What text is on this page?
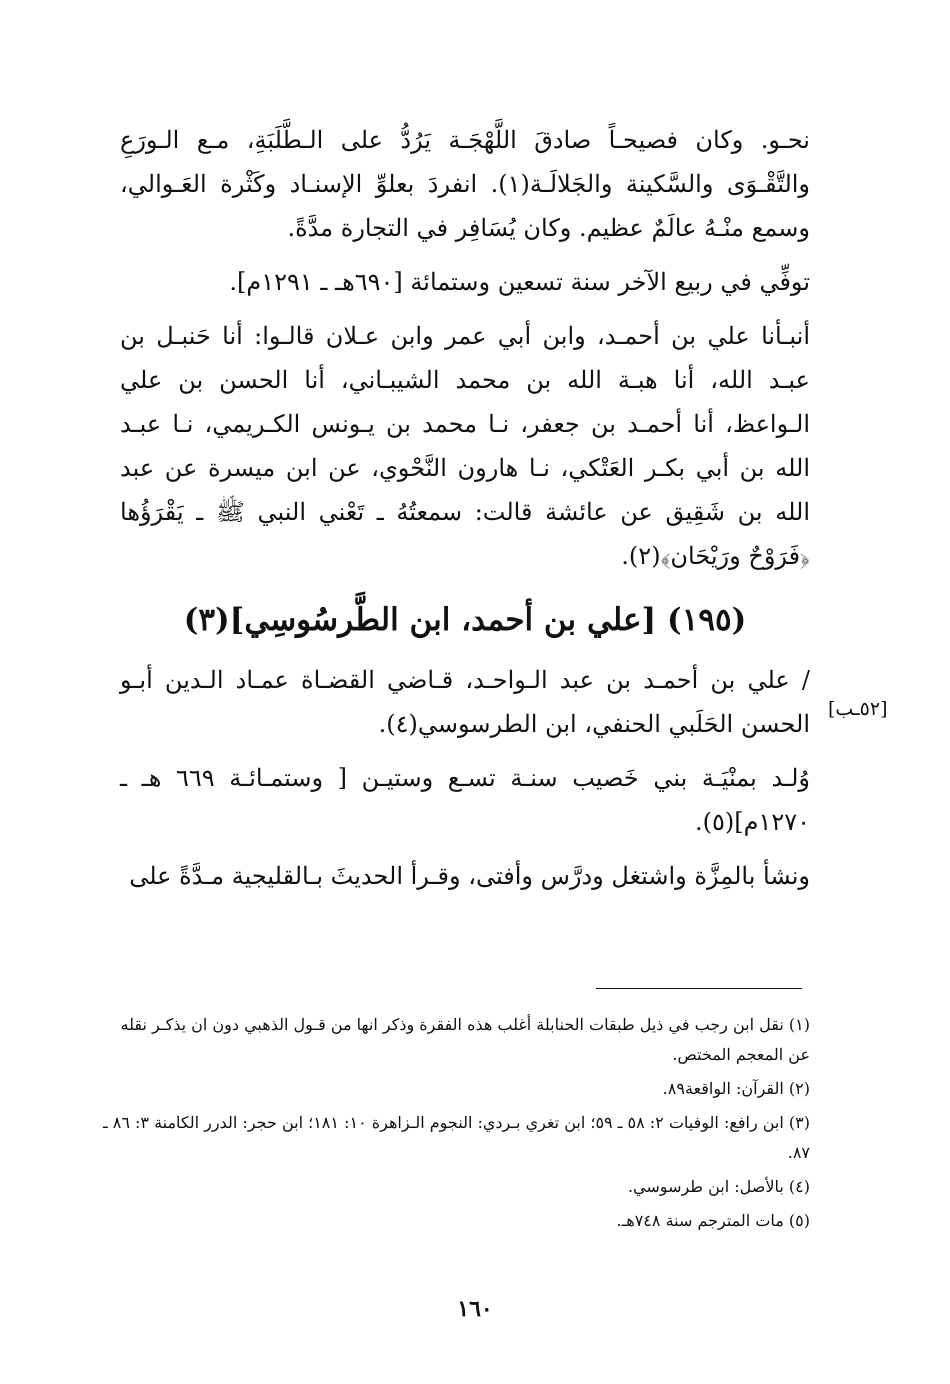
نحـو. وكان فصيحـاً صادقَ اللَّهْجَـة يَرُدُّ على الـطَّلَبَةِ، مـع الـورَعِ والتَّقْـوَى والسَّكينة والجَلالَـة(١). انفردَ بعلوِّ الإسنـاد وكَثْرة العَـوالي، وسمع منْـهُ عالَمٌ عظيم. وكان يُسَافِر في التجارة مدَّةً.

توفِّي في ربيع الآخر سنة تسعين وستمائة [٦٩٠هـ ـ ١٢٩١م].

أنبـأنا علي بن أحمـد، وابن أبي عمر وابن عـلان قالـوا: أنا حَنبـل بن عبـد الله، أنا هبـة الله بن محمد الشيبـاني، أنا الحسن بن علي الـواعظ، أنا أحمـد بن جعفر، نـا محمد بن يـونس الكـريمي، نـا عبـد الله بن أبي بكـر العَتْكي، نـا هارون النَّحْوي، عن ابن ميسرة عن عبد الله بن شَقِيق عن عائشة قالت: سمعتُهُ ـ تَعْني النبي ﷺ ـ يَقْرَؤُها ﴿فَرَوْحٌ ورَيْحَان﴾(٢).

(١٩٥) [علي بن أحمد، ابن الطَّرسُوسِي](٣)

/ علي بن أحمـد بن عبد الـواحـد، قـاضي القضـاة عمـاد الـدين أبـو الحسن الحَلَبي الحنفي، ابن الطرسوسي(٤).

وُلـد بمنْيَـة بني خَصيب سنـة تسـع وستيـن [ وستمـائـة ٦٦٩ هـ ـ ١٢٧٠م](٥).

ونشأ بالمِزَّة واشتغل ودرَّس وأفتى، وقـرأ الحديثَ بـالقليجية مـدَّةً على

[٥٢ـب]

(١) نقل ابن رجب في ذيل طبقات الحنابلة أغلب هذه الفقرة وذكر انها من قـول الذهبي دون ان يذكـر نقله عن المعجم المختص.

(٢) القرآن: الواقعة٨٩.

(٣) ابن رافع: الوفيات ٢: ٥٨ ـ ٥٩؛ ابن تغري بـردي: النجوم الـزاهرة ١٠: ١٨١؛ ابن حجر: الدرر الكامنة ٣: ٨٦ ـ ٨٧.

(٤) بالأصل: ابن طرسوسي.

(٥) مات المترجم سنة ٧٤٨هـ.

١٦٠
